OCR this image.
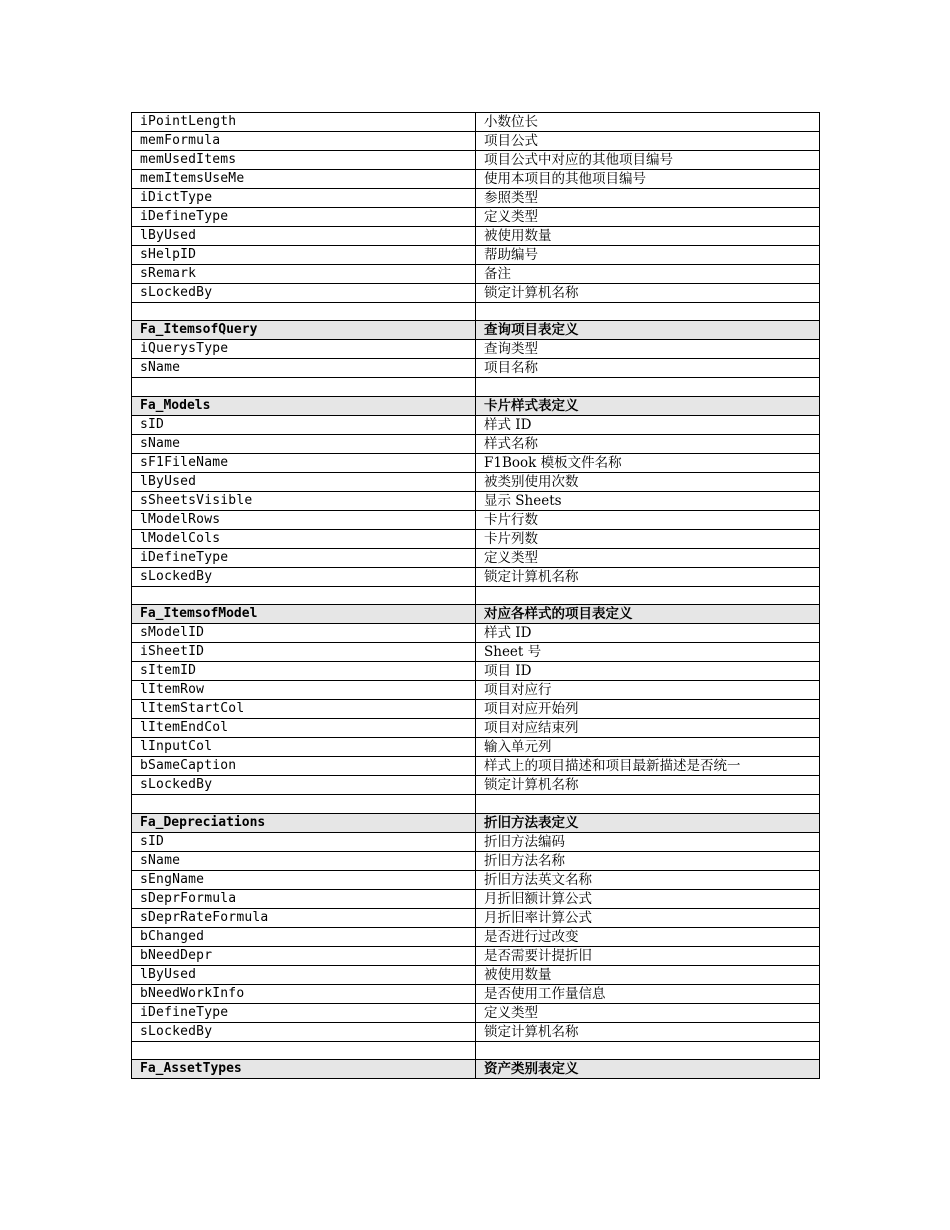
iPointLength	小数位长
memFormula	项目公式
memUsedItems	项目公式中对应的其他项目编号
memItemsUseMe	使用本项目的其他项目编号
iDictType	参照类型
iDefineType	定义类型
lByUsed	被使用数量
sHelpID	帮助编号
sRemark	备注
sLockedBy	锁定计算机名称

Fa_ItemsofQuery	查询项目表定义
iQuerysType	查询类型
sName	项目名称

Fa_Models	卡片样式表定义
sID	样式 ID
sName	样式名称
sF1FileName	F1Book 模板文件名称
lByUsed	被类别使用次数
sSheetsVisible	显示 Sheets
lModelRows	卡片行数
lModelCols	卡片列数
iDefineType	定义类型
sLockedBy	锁定计算机名称

Fa_ItemsofModel	对应各样式的项目表定义
sModelID	样式 ID
iSheetID	Sheet 号
sItemID	项目 ID
lItemRow	项目对应行
lItemStartCol	项目对应开始列
lItemEndCol	项目对应结束列
lInputCol	输入单元列
bSameCaption	样式上的项目描述和项目最新描述是否统一
sLockedBy	锁定计算机名称

Fa_Depreciations	折旧方法表定义
sID	折旧方法编码
sName	折旧方法名称
sEngName	折旧方法英文名称
sDeprFormula	月折旧额计算公式
sDeprRateFormula	月折旧率计算公式
bChanged	是否进行过改变
bNeedDepr	是否需要计提折旧
lByUsed	被使用数量
bNeedWorkInfo	是否使用工作量信息
iDefineType	定义类型
sLockedBy	锁定计算机名称

Fa_AssetTypes	资产类别表定义
